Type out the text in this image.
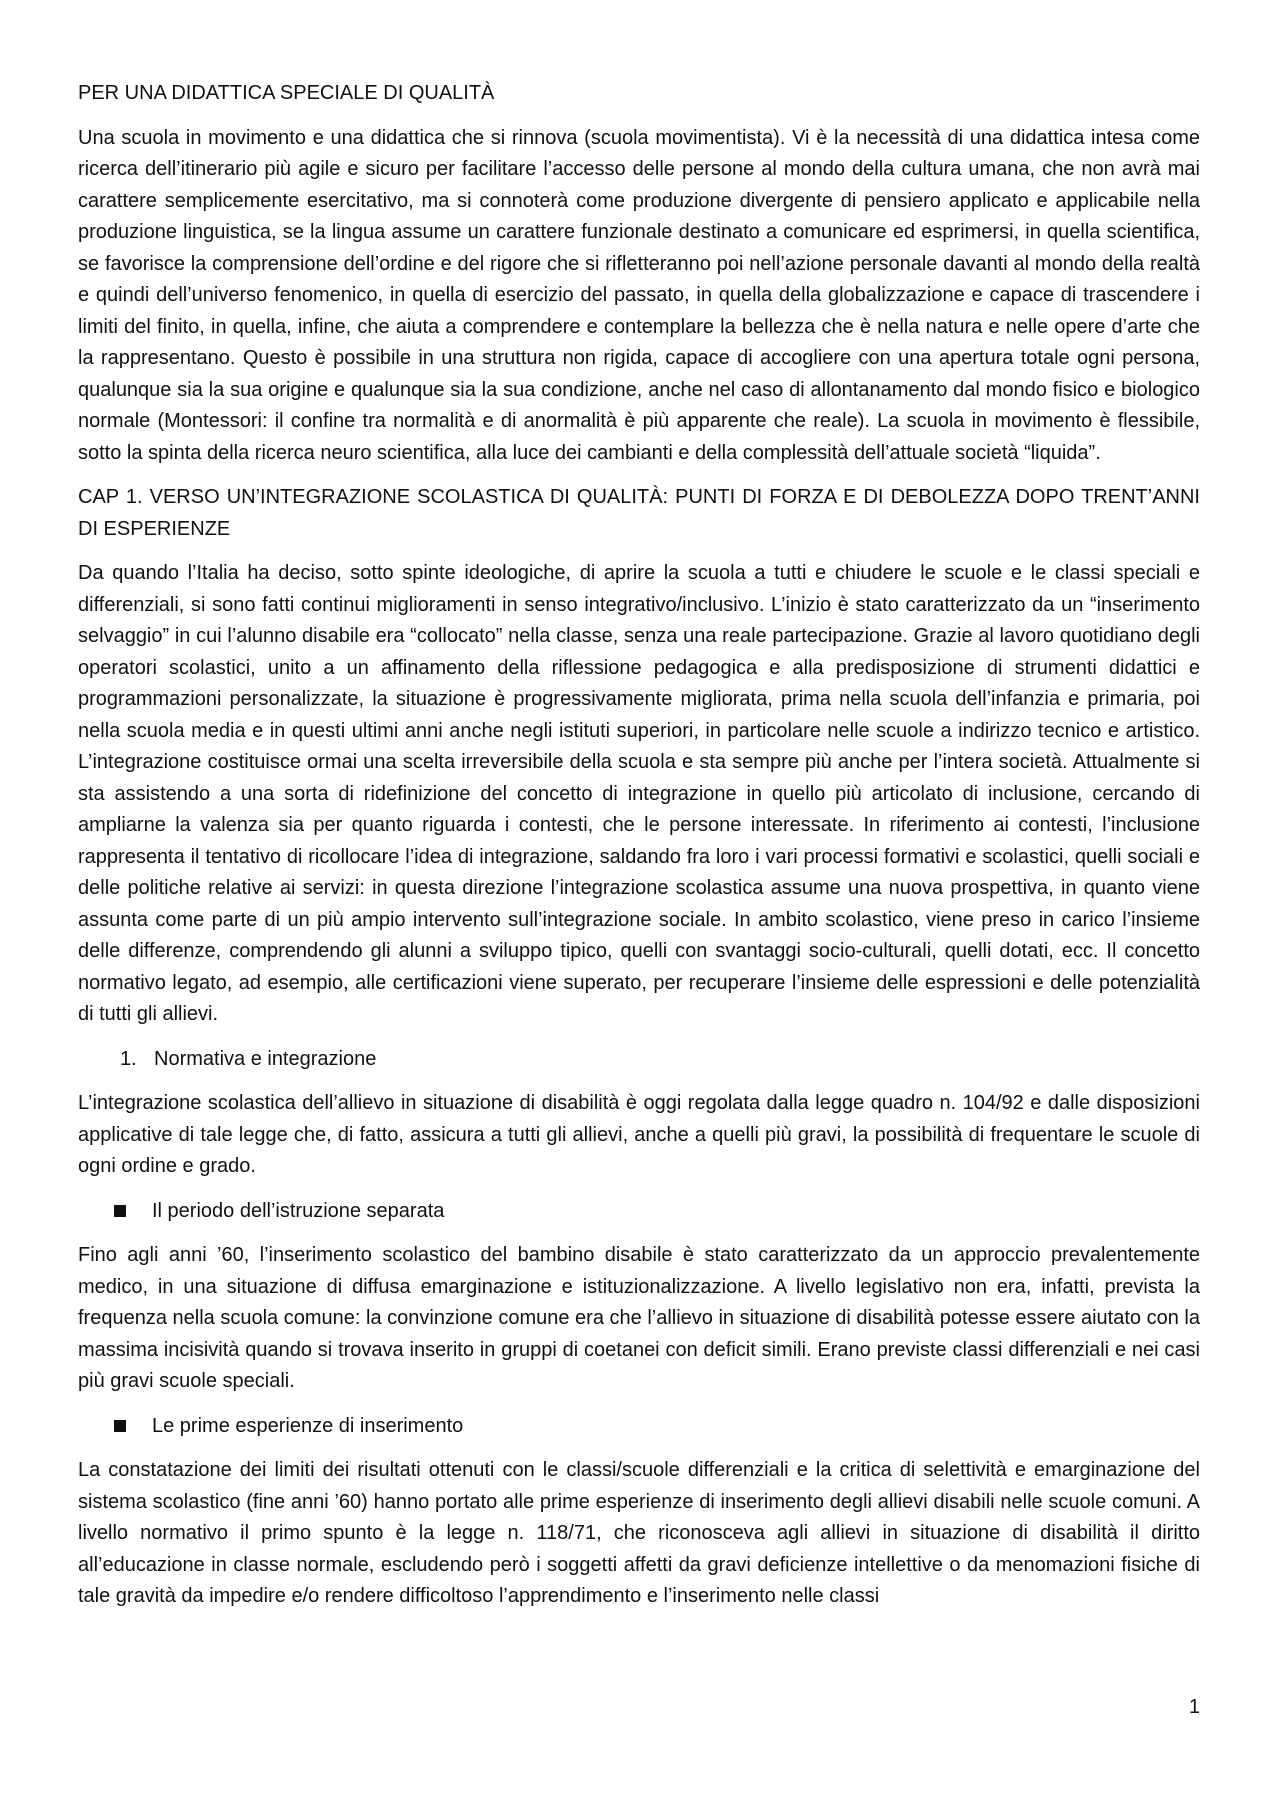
PER UNA DIDATTICA SPECIALE DI QUALITÀ

Una scuola in movimento e una didattica che si rinnova (scuola movimentista). Vi è la necessità di una didattica intesa come ricerca dell’itinerario più agile e sicuro per facilitare l’accesso delle persone al mondo della cultura umana, che non avrà mai carattere semplicemente esercitativo, ma si connoterà come produzione divergente di pensiero applicato e applicabile nella produzione linguistica, se la lingua assume un carattere funzionale destinato a comunicare ed esprimersi, in quella scientifica, se favorisce la comprensione dell’ordine e del rigore che si rifletteranno poi nell’azione personale davanti al mondo della realtà e quindi dell’universo fenomenico, in quella di esercizio del passato, in quella della globalizzazione e capace di trascendere i limiti del finito, in quella, infine, che aiuta a comprendere e contemplare la bellezza che è nella natura e nelle opere d’arte che la rappresentano. Questo è possibile in una struttura non rigida, capace di accogliere con una apertura totale ogni persona, qualunque sia la sua origine e qualunque sia la sua condizione, anche nel caso di allontanamento dal mondo fisico e biologico normale (Montessori: il confine tra normalità e di anormalità è più apparente che reale). La scuola in movimento è flessibile, sotto la spinta della ricerca neuro scientifica, alla luce dei cambianti e della complessità dell’attuale società “liquida”.

CAP 1. VERSO UN’INTEGRAZIONE SCOLASTICA DI QUALITÀ: PUNTI DI FORZA E DI DEBOLEZZA DOPO TRENT’ANNI DI ESPERIENZE

Da quando l’Italia ha deciso, sotto spinte ideologiche, di aprire la scuola a tutti e chiudere le scuole e le classi speciali e differenziali, si sono fatti continui miglioramenti in senso integrativo/inclusivo. L’inizio è stato caratterizzato da un “inserimento selvaggio” in cui l’alunno disabile era “collocato” nella classe, senza una reale partecipazione. Grazie al lavoro quotidiano degli operatori scolastici, unito a un affinamento della riflessione pedagogica e alla predisposizione di strumenti didattici e programmazioni personalizzate, la situazione è progressivamente migliorata, prima nella scuola dell’infanzia e primaria, poi nella scuola media e in questi ultimi anni anche negli istituti superiori, in particolare nelle scuole a indirizzo tecnico e artistico. L’integrazione costituisce ormai una scelta irreversibile della scuola e sta sempre più anche per l’intera società. Attualmente si sta assistendo a una sorta di ridefinizione del concetto di integrazione in quello più articolato di inclusione, cercando di ampliarne la valenza sia per quanto riguarda i contesti, che le persone interessate. In riferimento ai contesti, l’inclusione rappresenta il tentativo di ricollocare l’idea di integrazione, saldando fra loro i vari processi formativi e scolastici, quelli sociali e delle politiche relative ai servizi: in questa direzione l’integrazione scolastica assume una nuova prospettiva, in quanto viene assunta come parte di un più ampio intervento sull’integrazione sociale. In ambito scolastico, viene preso in carico l’insieme delle differenze, comprendendo gli alunni a sviluppo tipico, quelli con svantaggi socio-culturali, quelli dotati, ecc. Il concetto normativo legato, ad esempio, alle certificazioni viene superato, per recuperare l’insieme delle espressioni e delle potenzialità di tutti gli allievi.

1. Normativa e integrazione

L’integrazione scolastica dell’allievo in situazione di disabilità è oggi regolata dalla legge quadro n. 104/92 e dalle disposizioni applicative di tale legge che, di fatto, assicura a tutti gli allievi, anche a quelli più gravi, la possibilità di frequentare le scuole di ogni ordine e grado.

Il periodo dell’istruzione separata

Fino agli anni ’60, l’inserimento scolastico del bambino disabile è stato caratterizzato da un approccio prevalentemente medico, in una situazione di diffusa emarginazione e istituzionalizzazione. A livello legislativo non era, infatti, prevista la frequenza nella scuola comune: la convinzione comune era che l’allievo in situazione di disabilità potesse essere aiutato con la massima incisività quando si trovava inserito in gruppi di coetanei con deficit simili. Erano previste classi differenziali e nei casi più gravi scuole speciali.

Le prime esperienze di inserimento

La constatazione dei limiti dei risultati ottenuti con le classi/scuole differenziali e la critica di selettività e emarginazione del sistema scolastico (fine anni ’60) hanno portato alle prime esperienze di inserimento degli allievi disabili nelle scuole comuni. A livello normativo il primo spunto è la legge n. 118/71, che riconosceva agli allievi in situazione di disabilità il diritto all’educazione in classe normale, escludendo però i soggetti affetti da gravi deficienze intellettive o da menomazioni fisiche di tale gravità da impedire e/o rendere difficoltoso l’apprendimento e l’inserimento nelle classi

1
